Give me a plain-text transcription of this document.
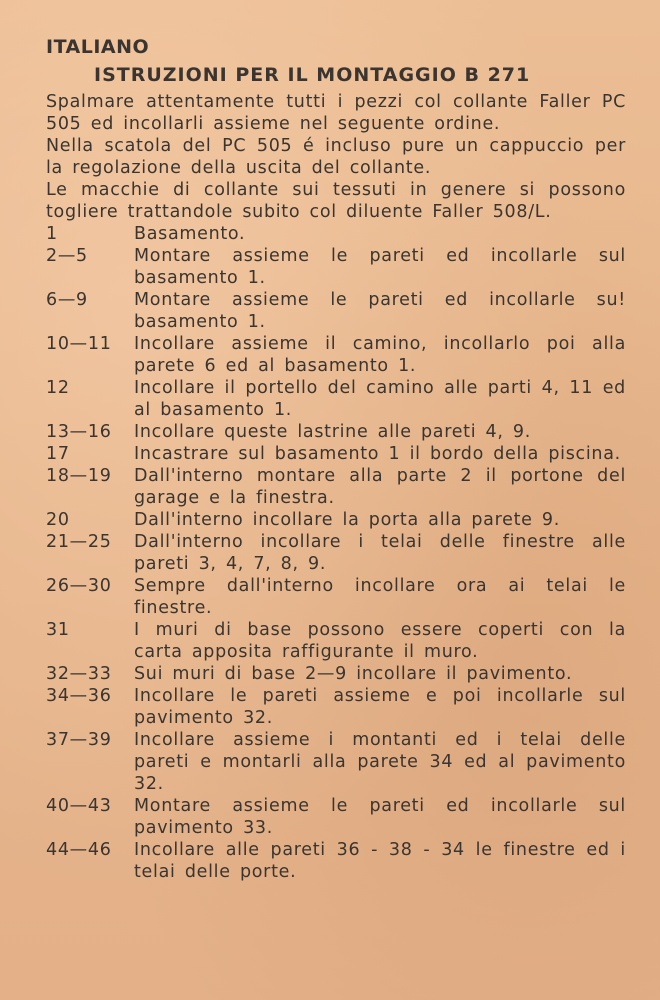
ITALIANO
ISTRUZIONI PER IL MONTAGGIO B 271

Spalmare attentamente tutti i pezzi col collante Faller PC 505 ed incollarli assieme nel seguente ordine.

Nella scatola del PC 505 é incluso pure un cappuccio per la regolazione della uscita del collante.

Le macchie di collante sui tessuti in genere si possono togliere trattandole subito col diluente Faller 508/L.

1	Basamento.
2—5	Montare assieme le pareti ed incollarle sul basamento 1.
6—9	Montare assieme le pareti ed incollarle su! basamento 1.
10—11	Incollare assieme il camino, incollarlo poi alla parete 6 ed al basamento 1.
12	Incollare il portello del camino alle parti 4, 11 ed al basamento 1.
13—16	Incollare queste lastrine alle pareti 4, 9.
17	Incastrare sul basamento 1 il bordo della piscina.
18—19	Dall'interno montare alla parte 2 il portone del garage e la finestra.
20	Dall'interno incollare la porta alla parete 9.
21—25	Dall'interno incollare i telai delle finestre alle pareti 3, 4, 7, 8, 9.
26—30	Sempre dall'interno incollare ora ai telai le finestre.
31	I muri di base possono essere coperti con la carta apposita raffigurante il muro.
32—33	Sui muri di base 2—9 incollare il pavimento.
34—36	Incollare le pareti assieme e poi incollarle sul pavimento 32.
37—39	Incollare assieme i montanti ed i telai delle pareti e montarli alla parete 34 ed al pavimento 32.
40—43	Montare assieme le pareti ed incollarle sul pavimento 33.
44—46	Incollare alle pareti 36 - 38 - 34 le finestre ed i telai delle porte.
